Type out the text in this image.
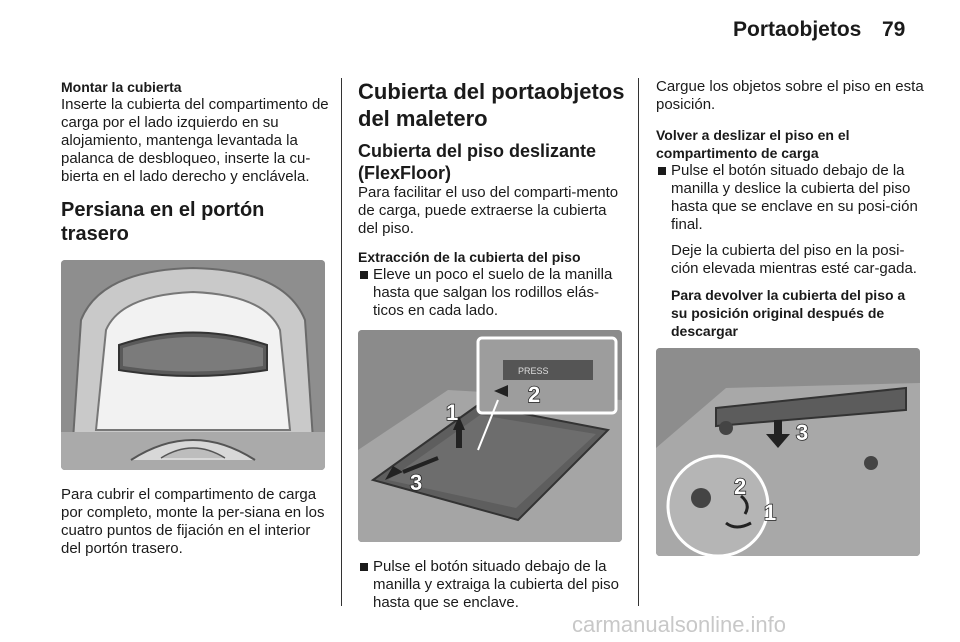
Portaobjetos 79

Montar la cubierta

Inserte la cubierta del compartimento de carga por el lado izquierdo en su alojamiento, mantenga levantada la palanca de desbloqueo, inserte la cu-bierta en el lado derecho y enclávela.

Persiana en el portón trasero

Para cubrir el compartimento de carga por completo, monte la per-siana en los cuatro puntos de fijación en el interior del portón trasero.

Cubierta del portaobjetos del maletero

Cubierta del piso deslizante (FlexFloor)

Para facilitar el uso del comparti-mento de carga, puede extraerse la cubierta del piso.

Extracción de la cubierta del piso

Eleve un poco el suelo de la manilla hasta que salgan los rodillos elás-ticos en cada lado.
PRESS
1
2
3
Pulse el botón situado debajo de la manilla y extraiga la cubierta del piso hasta que se enclave.

Cargue los objetos sobre el piso en esta posición.

Volver a deslizar el piso en el compartimento de carga

Pulse el botón situado debajo de la manilla y deslice la cubierta del piso hasta que se enclave en su posi-ción final.

Deje la cubierta del piso en la posi-ción elevada mientras esté car-gada.

Para devolver la cubierta del piso a su posición original después de descargar

3
2
1
carmanualsonline.info
